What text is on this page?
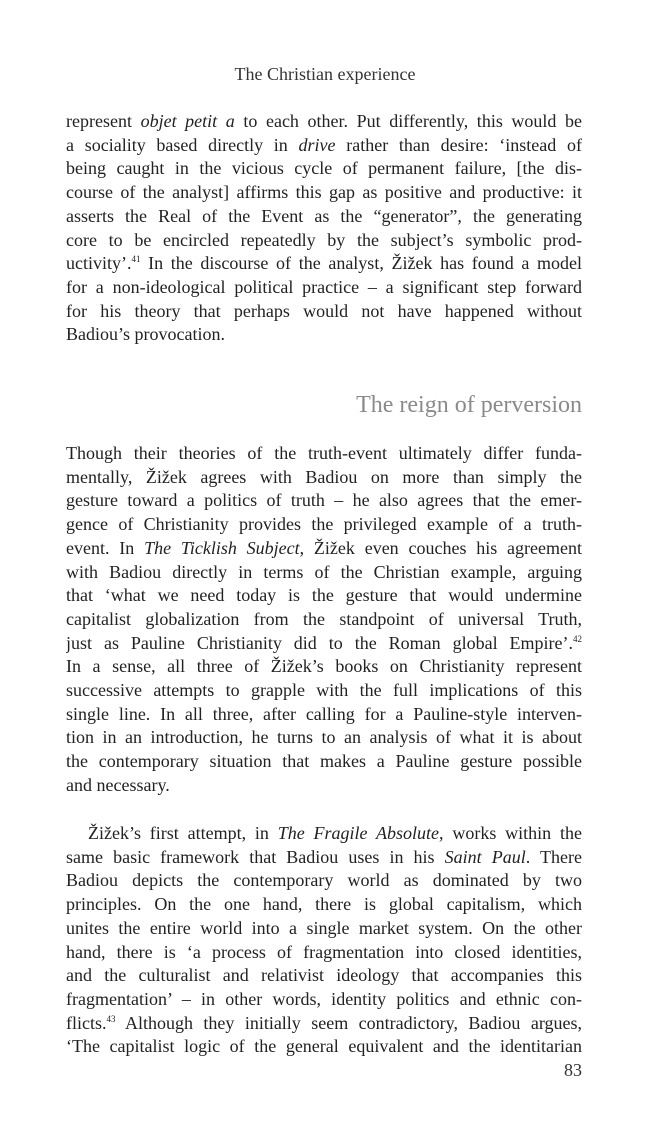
The Christian experience
represent objet petit a to each other. Put differently, this would be
a sociality based directly in drive rather than desire: ‘instead of
being caught in the vicious cycle of permanent failure, [the dis-
course of the analyst] affirms this gap as positive and productive: it
asserts the Real of the Event as the “generator”, the generating
core to be encircled repeatedly by the subject’s symbolic prod-
uctivity’.$^{41}$ In the discourse of the analyst, Žižek has found a model
for a non-ideological political practice – a significant step forward
for his theory that perhaps would not have happened without
Badiou’s provocation.
The reign of perversion
Though their theories of the truth-event ultimately differ funda-
mentally, Žižek agrees with Badiou on more than simply the
gesture toward a politics of truth – he also agrees that the emer-
gence of Christianity provides the privileged example of a truth-
event. In The Ticklish Subject, Žižek even couches his agreement
with Badiou directly in terms of the Christian example, arguing
that ‘what we need today is the gesture that would undermine
capitalist globalization from the standpoint of universal Truth,
just as Pauline Christianity did to the Roman global Empire’.$^{42}$
In a sense, all three of Žižek’s books on Christianity represent
successive attempts to grapple with the full implications of this
single line. In all three, after calling for a Pauline-style interven-
tion in an introduction, he turns to an analysis of what it is about
the contemporary situation that makes a Pauline gesture possible
and necessary.
Žižek’s first attempt, in The Fragile Absolute, works within the
same basic framework that Badiou uses in his Saint Paul. There
Badiou depicts the contemporary world as dominated by two
principles. On the one hand, there is global capitalism, which
unites the entire world into a single market system. On the other
hand, there is ‘a process of fragmentation into closed identities,
and the culturalist and relativist ideology that accompanies this
fragmentation’ – in other words, identity politics and ethnic con-
flicts.$^{43}$ Although they initially seem contradictory, Badiou argues,
‘The capitalist logic of the general equivalent and the identitarian
83
